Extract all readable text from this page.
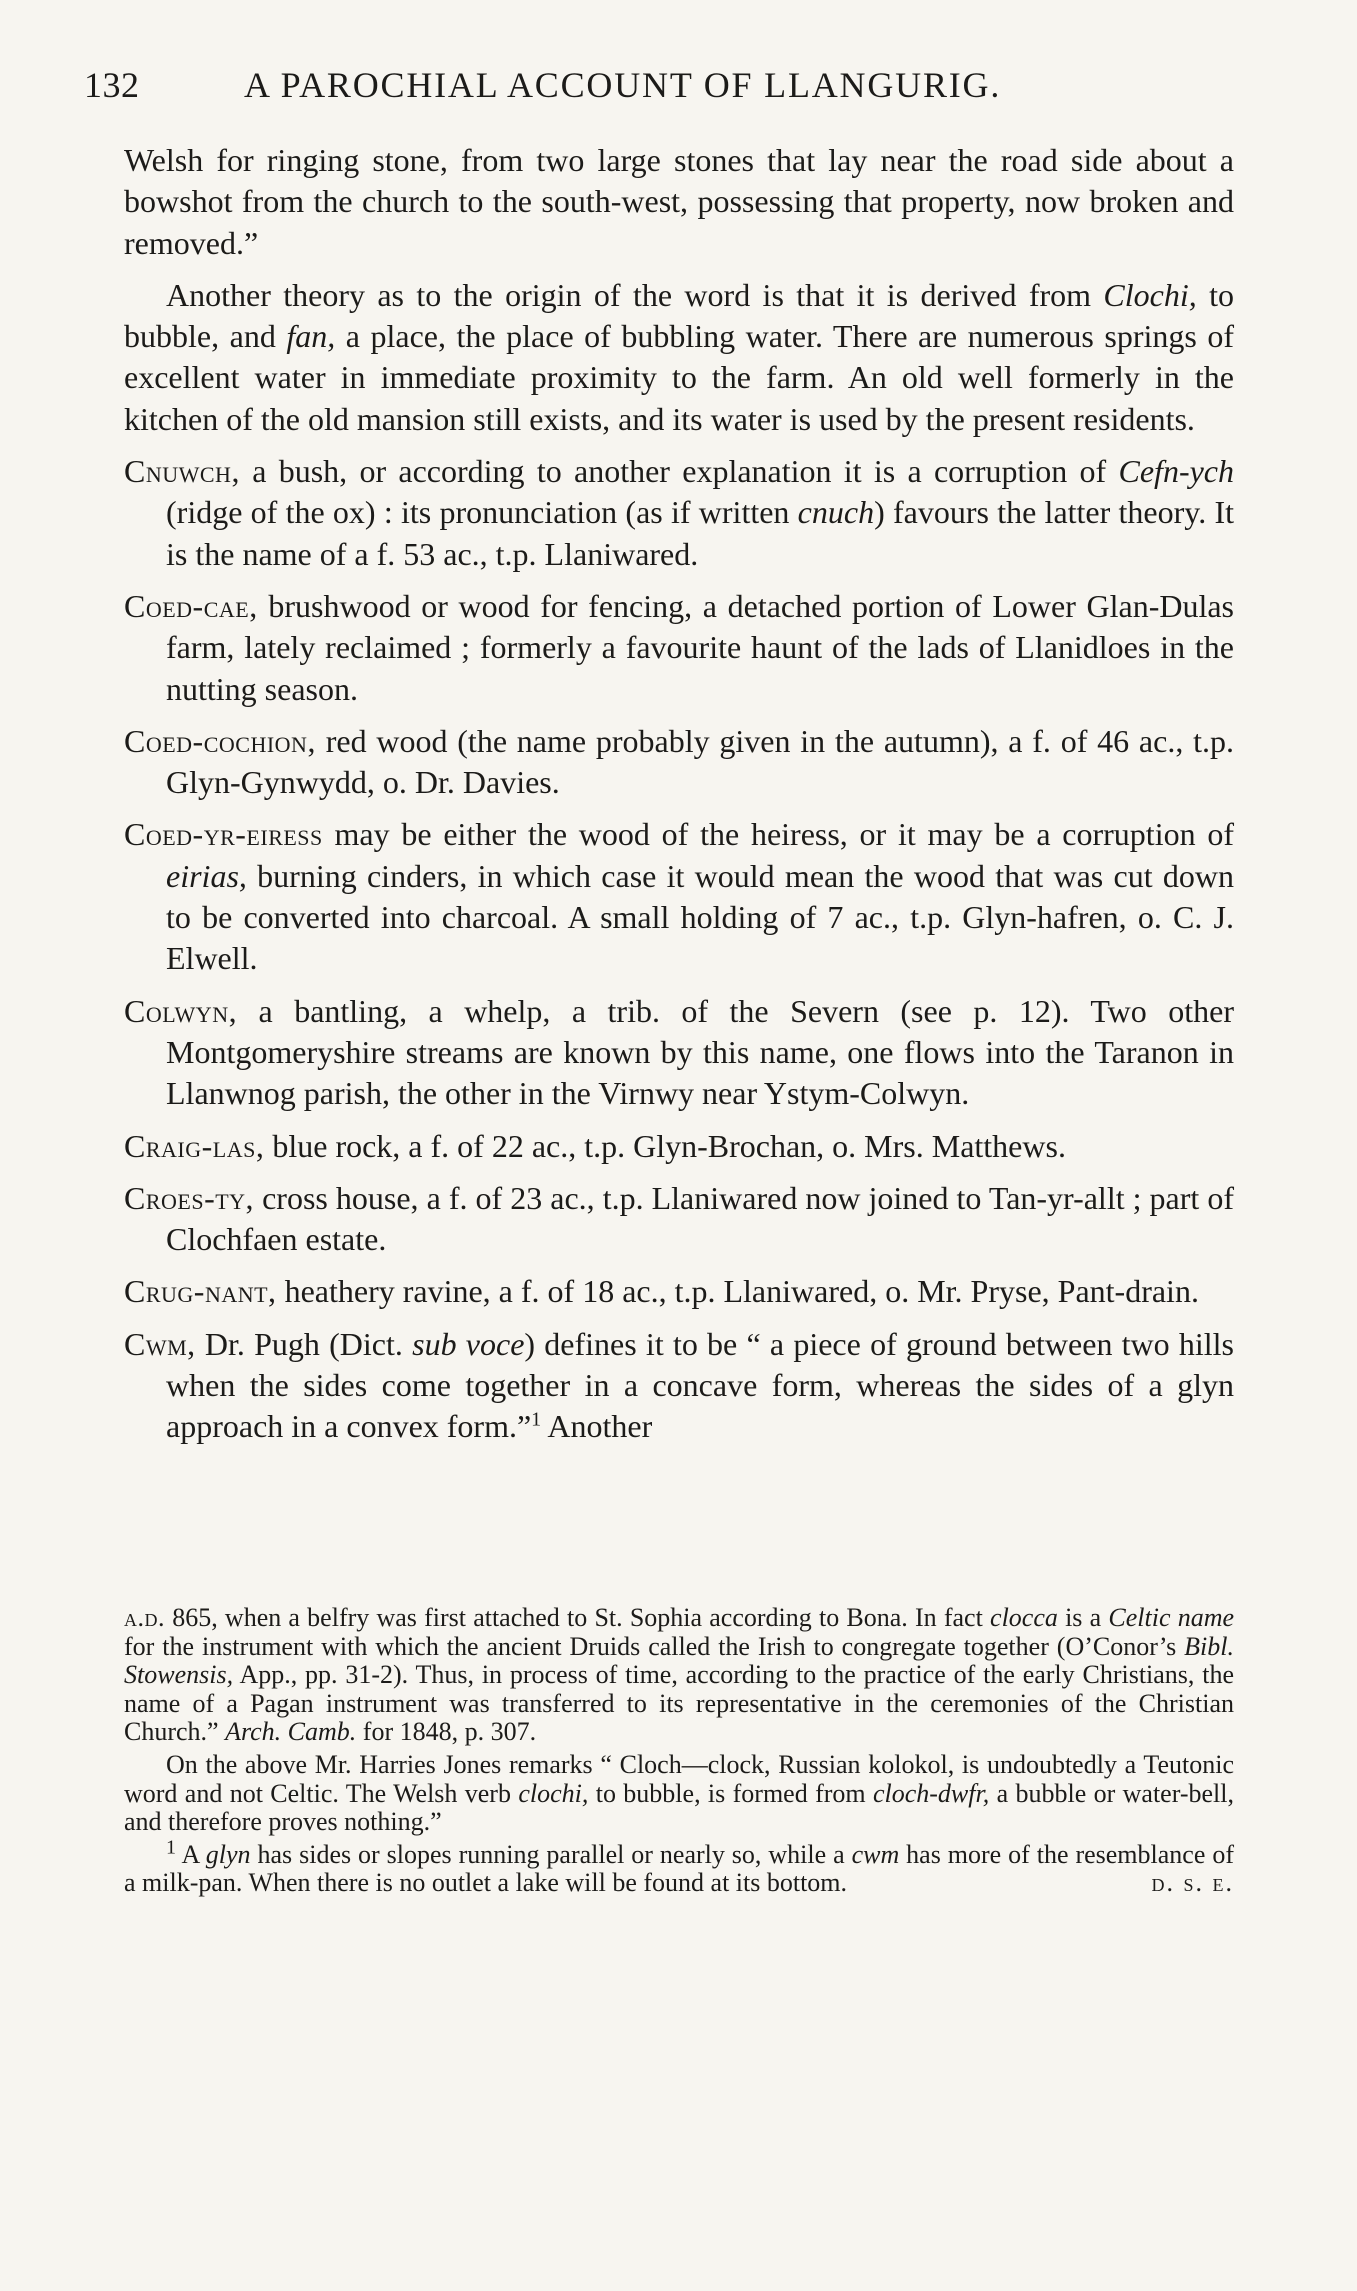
132	A PAROCHIAL ACCOUNT OF LLANGURIG.

Welsh for ringing stone, from two large stones that lay near the road side about a bowshot from the church to the south-west, possessing that property, now broken and removed.”

Another theory as to the origin of the word is that it is derived from Clochi, to bubble, and fan, a place, the place of bubbling water. There are numerous springs of excellent water in immediate proximity to the farm. An old well formerly in the kitchen of the old mansion still exists, and its water is used by the present residents.

Cnuwch, a bush, or according to another explanation it is a corruption of Cefn-ych (ridge of the ox) : its pronunciation (as if written cnuch) favours the latter theory. It is the name of a f. 53 ac., t.p. Llaniwared.

Coed-cae, brushwood or wood for fencing, a detached portion of Lower Glan-Dulas farm, lately reclaimed ; formerly a favourite haunt of the lads of Llanidloes in the nutting season.

Coed-cochion, red wood (the name probably given in the autumn), a f. of 46 ac., t.p. Glyn-Gynwydd, o. Dr. Davies.

Coed-yr-eiress may be either the wood of the heiress, or it may be a corruption of eirias, burning cinders, in which case it would mean the wood that was cut down to be converted into charcoal. A small holding of 7 ac., t.p. Glyn-hafren, o. C. J. Elwell.

Colwyn, a bantling, a whelp, a trib. of the Severn (see p. 12). Two other Montgomeryshire streams are known by this name, one flows into the Taranon in Llanwnog parish, the other in the Virnwy near Ystym-Colwyn.

Craig-las, blue rock, a f. of 22 ac., t.p. Glyn-Brochan, o. Mrs. Matthews.

Croes-ty, cross house, a f. of 23 ac., t.p. Llaniwared now joined to Tan-yr-allt ; part of Clochfaen estate.

Crug-nant, heathery ravine, a f. of 18 ac., t.p. Llaniwared, o. Mr. Pryse, Pant-drain.

Cwm, Dr. Pugh (Dict. sub voce) defines it to be “ a piece of ground between two hills when the sides come together in a concave form, whereas the sides of a glyn approach in a convex form.”$^1$ Another

a.d. 865, when a belfry was first attached to St. Sophia according to Bona. In fact clocca is a Celtic name for the instrument with which the ancient Druids called the Irish to congregate together (O’Conor’s Bibl. Stowensis, App., pp. 31-2). Thus, in process of time, according to the practice of the early Christians, the name of a Pagan instrument was transferred to its representative in the ceremonies of the Christian Church.” Arch. Camb. for 1848, p. 307.

On the above Mr. Harries Jones remarks “ Cloch—clock, Russian kolokol, is undoubtedly a Teutonic word and not Celtic. The Welsh verb clochi, to bubble, is formed from cloch-dwfr, a bubble or water-bell, and therefore proves nothing.”

$^1$ A glyn has sides or slopes running parallel or nearly so, while a cwm has more of the resemblance of a milk-pan. When there is no outlet a lake will be found at its bottom.	d. s. e.
